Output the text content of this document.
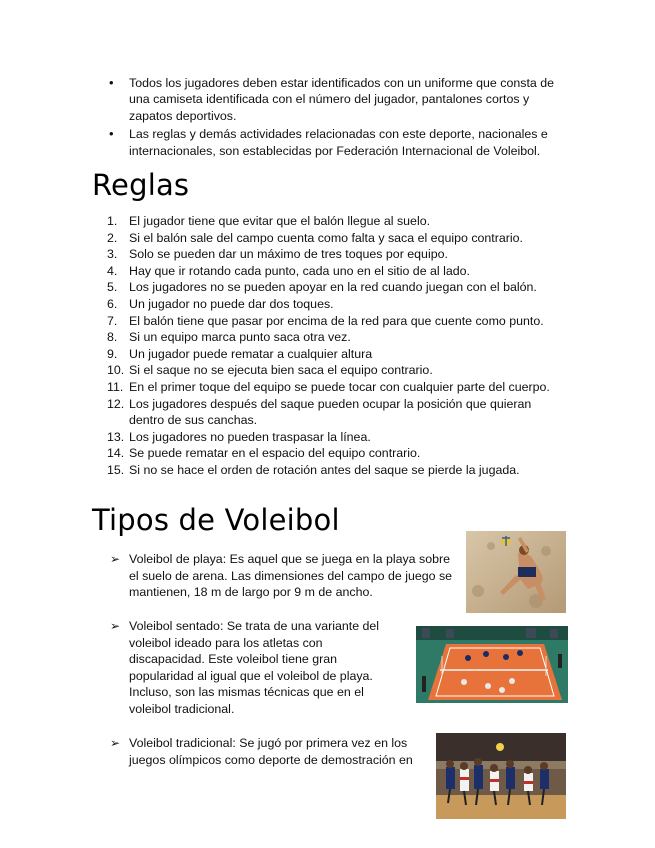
• Todos los jugadores deben estar identificados con un uniforme que consta de una camiseta identificada con el número del jugador, pantalones cortos y zapatos deportivos.
• Las reglas y demás actividades relacionadas con este deporte, nacionales e internacionales, son establecidas por Federación Internacional de Voleibol.
Reglas
1. El jugador tiene que evitar que el balón llegue al suelo.
2. Si el balón sale del campo cuenta como falta y saca el equipo contrario.
3. Solo se pueden dar un máximo de tres toques por equipo.
4. Hay que ir rotando cada punto, cada uno en el sitio de al lado.
5. Los jugadores no se pueden apoyar en la red cuando juegan con el balón.
6. Un jugador no puede dar dos toques.
7. El balón tiene que pasar por encima de la red para que cuente como punto.
8. Si un equipo marca punto saca otra vez.
9. Un jugador puede rematar a cualquier altura
10. Si el saque no se ejecuta bien saca el equipo contrario.
11. En el primer toque del equipo se puede tocar con cualquier parte del cuerpo.
12. Los jugadores después del saque pueden ocupar la posición que quieran dentro de sus canchas.
13. Los jugadores no pueden traspasar la línea.
14. Se puede rematar en el espacio del equipo contrario.
15. Si no se hace el orden de rotación antes del saque se pierde la jugada.
Tipos de Voleibol
➢ Voleibol de playa: Es aquel que se juega en la playa sobre el suelo de arena. Las dimensiones del campo de juego se mantienen, 18 m de largo por 9 m de ancho.
➢ Voleibol sentado: Se trata de una variante del voleibol ideado para los atletas con discapacidad. Este voleibol tiene gran popularidad al igual que el voleibol de playa. Incluso, son las mismas técnicas que en el voleibol tradicional.
➢ Voleibol tradicional: Se jugó por primera vez en los juegos olímpicos como deporte de demostración en
